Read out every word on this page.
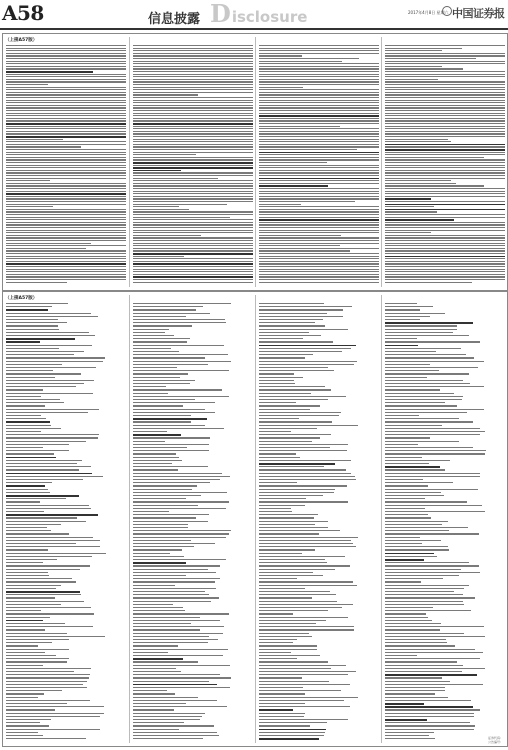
A58	信息披露 D isclosure	2017年4月8日 星期六 中国证券报
（上接A57版）
（上接A57版）
证券代码：
公告编号：
